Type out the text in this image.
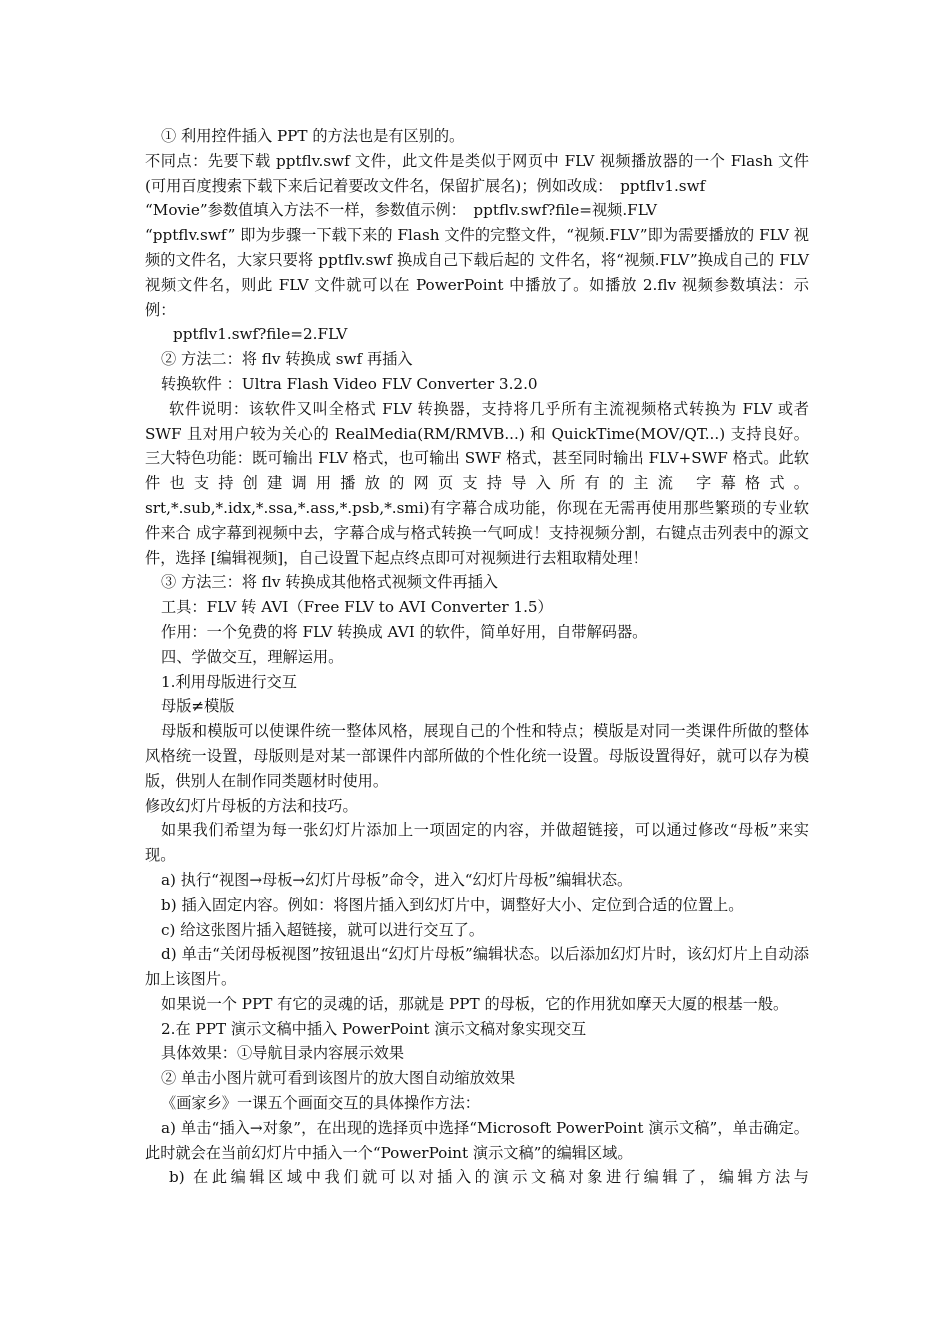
① 利用控件插入 PPT 的方法也是有区别的。

不同点：先要下载 pptflv.swf 文件，此文件是类似于网页中 FLV 视频播放器的一个 Flash 文件(可用百度搜索下载下来后记着要改文件名，保留扩展名)；例如改成：　pptflv1.swf

“Movie”参数值填入方法不一样，参数值示例：　pptflv.swf?file=视频.FLV

“pptflv.swf” 即为步骤一下载下来的 Flash 文件的完整文件，“视频.FLV”即为需要播放的 FLV 视频的文件名，大家只要将 pptflv.swf 换成自己下载后起的 文件名，将“视频.FLV”换成自己的 FLV 视频文件名，则此 FLV 文件就可以在 PowerPoint 中播放了。如播放 2.flv 视频参数填法：示例：

pptflv1.swf?file=2.FLV

② 方法二：将 flv 转换成 swf 再插入

转换软件 ：Ultra Flash Video FLV Converter 3.2.0

软件说明：该软件又叫全格式 FLV 转换器，支持将几乎所有主流视频格式转换为 FLV 或者 SWF 且对用户较为关心的 RealMedia(RM/RMVB...) 和 QuickTime(MOV/QT...) 支持良好。三大特色功能：既可输出 FLV 格式，也可输出 SWF 格式，甚至同时输出 FLV+SWF 格式。此软件也支持创建调用播放的网页支持导入所有的主流 字幕格式。

srt,*.sub,*.idx,*.ssa,*.ass,*.psb,*.smi)有字幕合成功能，你现在无需再使用那些繁琐的专业软件来合 成字幕到视频中去，字幕合成与格式转换一气呵成！支持视频分割，右键点击列表中的源文件，选择 [编辑视频]，自己设置下起点终点即可对视频进行去粗取精处理！

③ 方法三：将 flv 转换成其他格式视频文件再插入

工具：FLV 转 AVI（Free FLV to AVI Converter 1.5）

作用：一个免费的将 FLV 转换成 AVI 的软件，简单好用，自带解码器。

四、学做交互，理解运用。

1.利用母版进行交互

母版≠模版

母版和模版可以使课件统一整体风格，展现自己的个性和特点；模版是对同一类课件所做的整体风格统一设置，母版则是对某一部课件内部所做的个性化统一设置。母版设置得好，就可以存为模版，供别人在制作同类题材时使用。

修改幻灯片母板的方法和技巧。

如果我们希望为每一张幻灯片添加上一项固定的内容，并做超链接，可以通过修改“母板”来实现。

a) 执行“视图→母板→幻灯片母板”命令，进入“幻灯片母板”编辑状态。

b) 插入固定内容。例如：将图片插入到幻灯片中，调整好大小、定位到合适的位置上。

c) 给这张图片插入超链接，就可以进行交互了。

d) 单击“关闭母板视图”按钮退出“幻灯片母板”编辑状态。以后添加幻灯片时，该幻灯片上自动添加上该图片。

如果说一个 PPT 有它的灵魂的话，那就是 PPT 的母板，它的作用犹如摩天大厦的根基一般。

2.在 PPT 演示文稿中插入 PowerPoint 演示文稿对象实现交互

具体效果：①导航目录内容展示效果

② 单击小图片就可看到该图片的放大图自动缩放效果

《画家乡》一课五个画面交互的具体操作方法：

a) 单击“插入→对象”，在出现的选择页中选择“Microsoft PowerPoint 演示文稿”，单击确定。此时就会在当前幻灯片中插入一个“PowerPoint 演示文稿”的编辑区域。

b) 在此编辑区域中我们就可以对插入的演示文稿对象进行编辑了，编辑方法与
